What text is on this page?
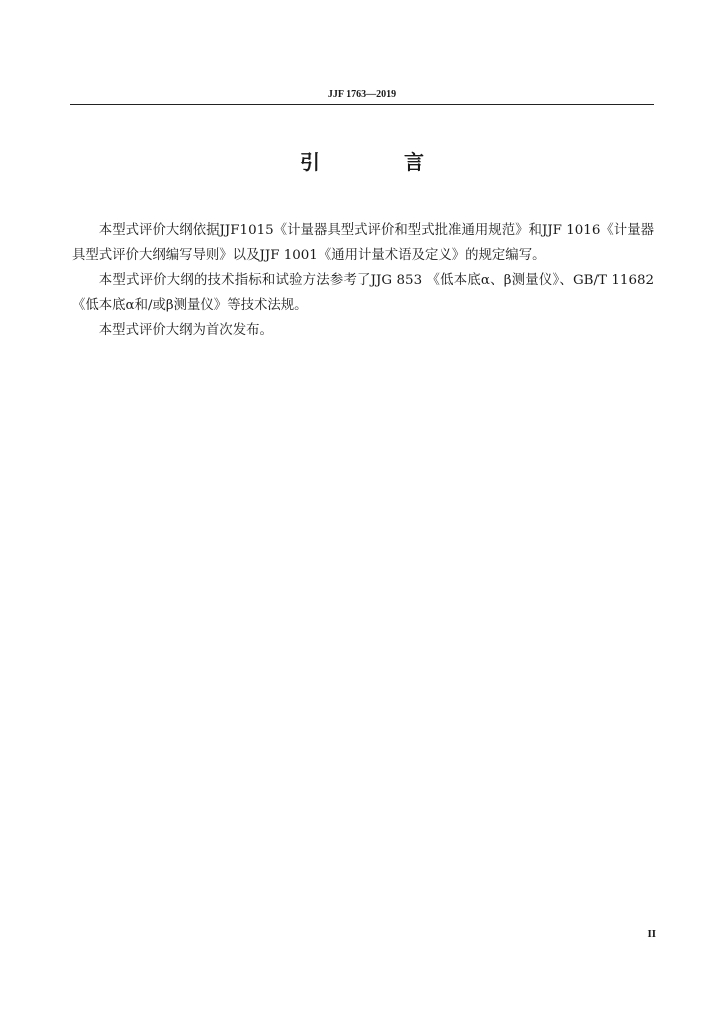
JJF 1763—2019
引　言

本型式评价大纲依据JJF1015《计量器具型式评价和型式批准通用规范》和JJF 1016《计量器具型式评价大纲编写导则》以及JJF 1001《通用计量术语及定义》的规定编写。

本型式评价大纲的技术指标和试验方法参考了JJG 853 《低本底α、β测量仪》、GB/T 11682《低本底α和/或β测量仪》等技术法规。

本型式评价大纲为首次发布。

II
